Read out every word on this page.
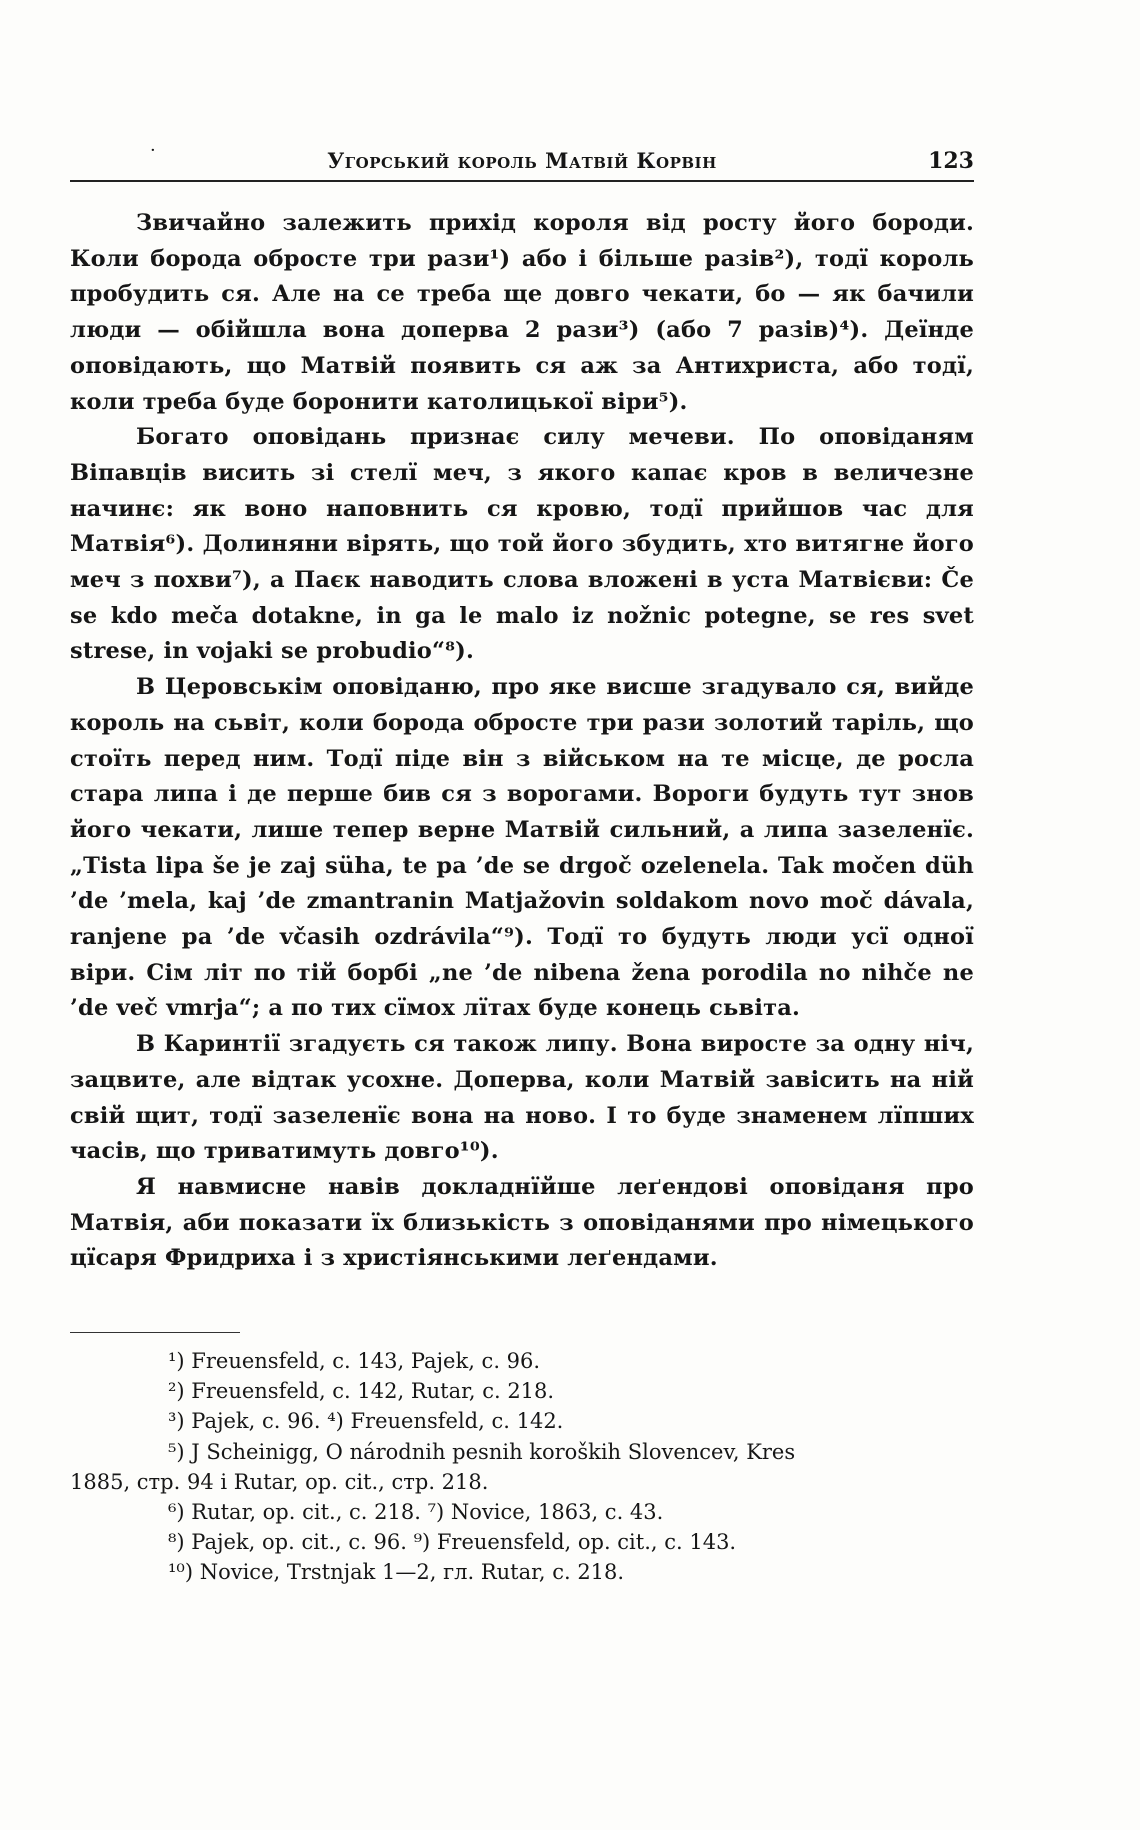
·	Угорський король Матвій Корвін	123

Звичайно залежить прихід короля від росту його бороди. Коли борода обросте три рази¹) або і більше разів²), тодї король пробудить ся. Але на се треба ще довго чекати, бо — як бачили люди — обійшла вона доперва 2 рази³) (або 7 разів)⁴). Деїнде оповідають, що Матвій появить ся аж за Антихриста, або тодї, коли треба буде боронити католицької віри⁵).

Богато оповідань признає силу мечеви. По оповіданям Віпавців висить зі стелї меч, з якого капає кров в величезне начинє: як воно наповнить ся кровю, тодї прийшов час для Матвія⁶). Долиняни вірять, що той його збудить, хто витягне його меч з похви⁷), а Паєк наводить слова вложені в уста Матвієви: Če se kdo meča dotakne, in ga le malo iz nožnic potegne, se res svet strese, in vojaki se probudio“⁸).

В Церовськім оповіданю, про яке висше згадувало ся, вийде король на сьвіт, коли борода обросте три рази золотий таріль, що стоїть перед ним. Тодї піде він з військом на те місце, де росла стара липа і де перше бив ся з ворогами. Вороги будуть тут знов його чекати, лише тепер верне Матвій сильний, а липа зазеленїє. „Tista lipa še je zaj süha, te pa ’de se drgoč ozelenela. Tak močen düh ’de ’mela, kaj ’de zmantranin Matjažovin soldakom novo moč dávala, ranjene pa ’de včasih ozdrávila“⁹). Тодї то будуть люди усї одної віри. Сім літ по тій борбі „ne ’de nibena žena porodila no nihče ne ’de več vmrja“; а по тих сїмох лїтах буде конець сьвіта.

В Каринтії згадуєть ся також липу. Вона виросте за одну ніч, зацвите, але відтак усохне. Доперва, коли Матвій завісить на ній свій щит, тодї зазеленїє вона на ново. І то буде знаменем лїпших часів, що триватимуть довго¹⁰).

Я навмисне навів докладнїйше леґендові оповіданя про Матвія, аби показати їх близькість з оповіданями про німецького цїсаря Фридриха і з христіянськими леґендами.

¹) Freuensfeld, c. 143, Pajek, c. 96.
²) Freuensfeld, c. 142, Rutar, c. 218.
³) Pajek, c. 96. ⁴) Freuensfeld, c. 142.
⁵) J Scheinigg, O národnih pesnih koroških Slovencev, Kres
1885, стр. 94 і Rutar, op. cit., стр. 218.
⁶) Rutar, op. cit., c. 218. ⁷) Novice, 1863, c. 43.
⁸) Pajek, op. cit., c. 96. ⁹) Freuensfeld, op. cit., c. 143.
¹⁰) Novice, Trstnjak 1—2, гл. Rutar, c. 218.
